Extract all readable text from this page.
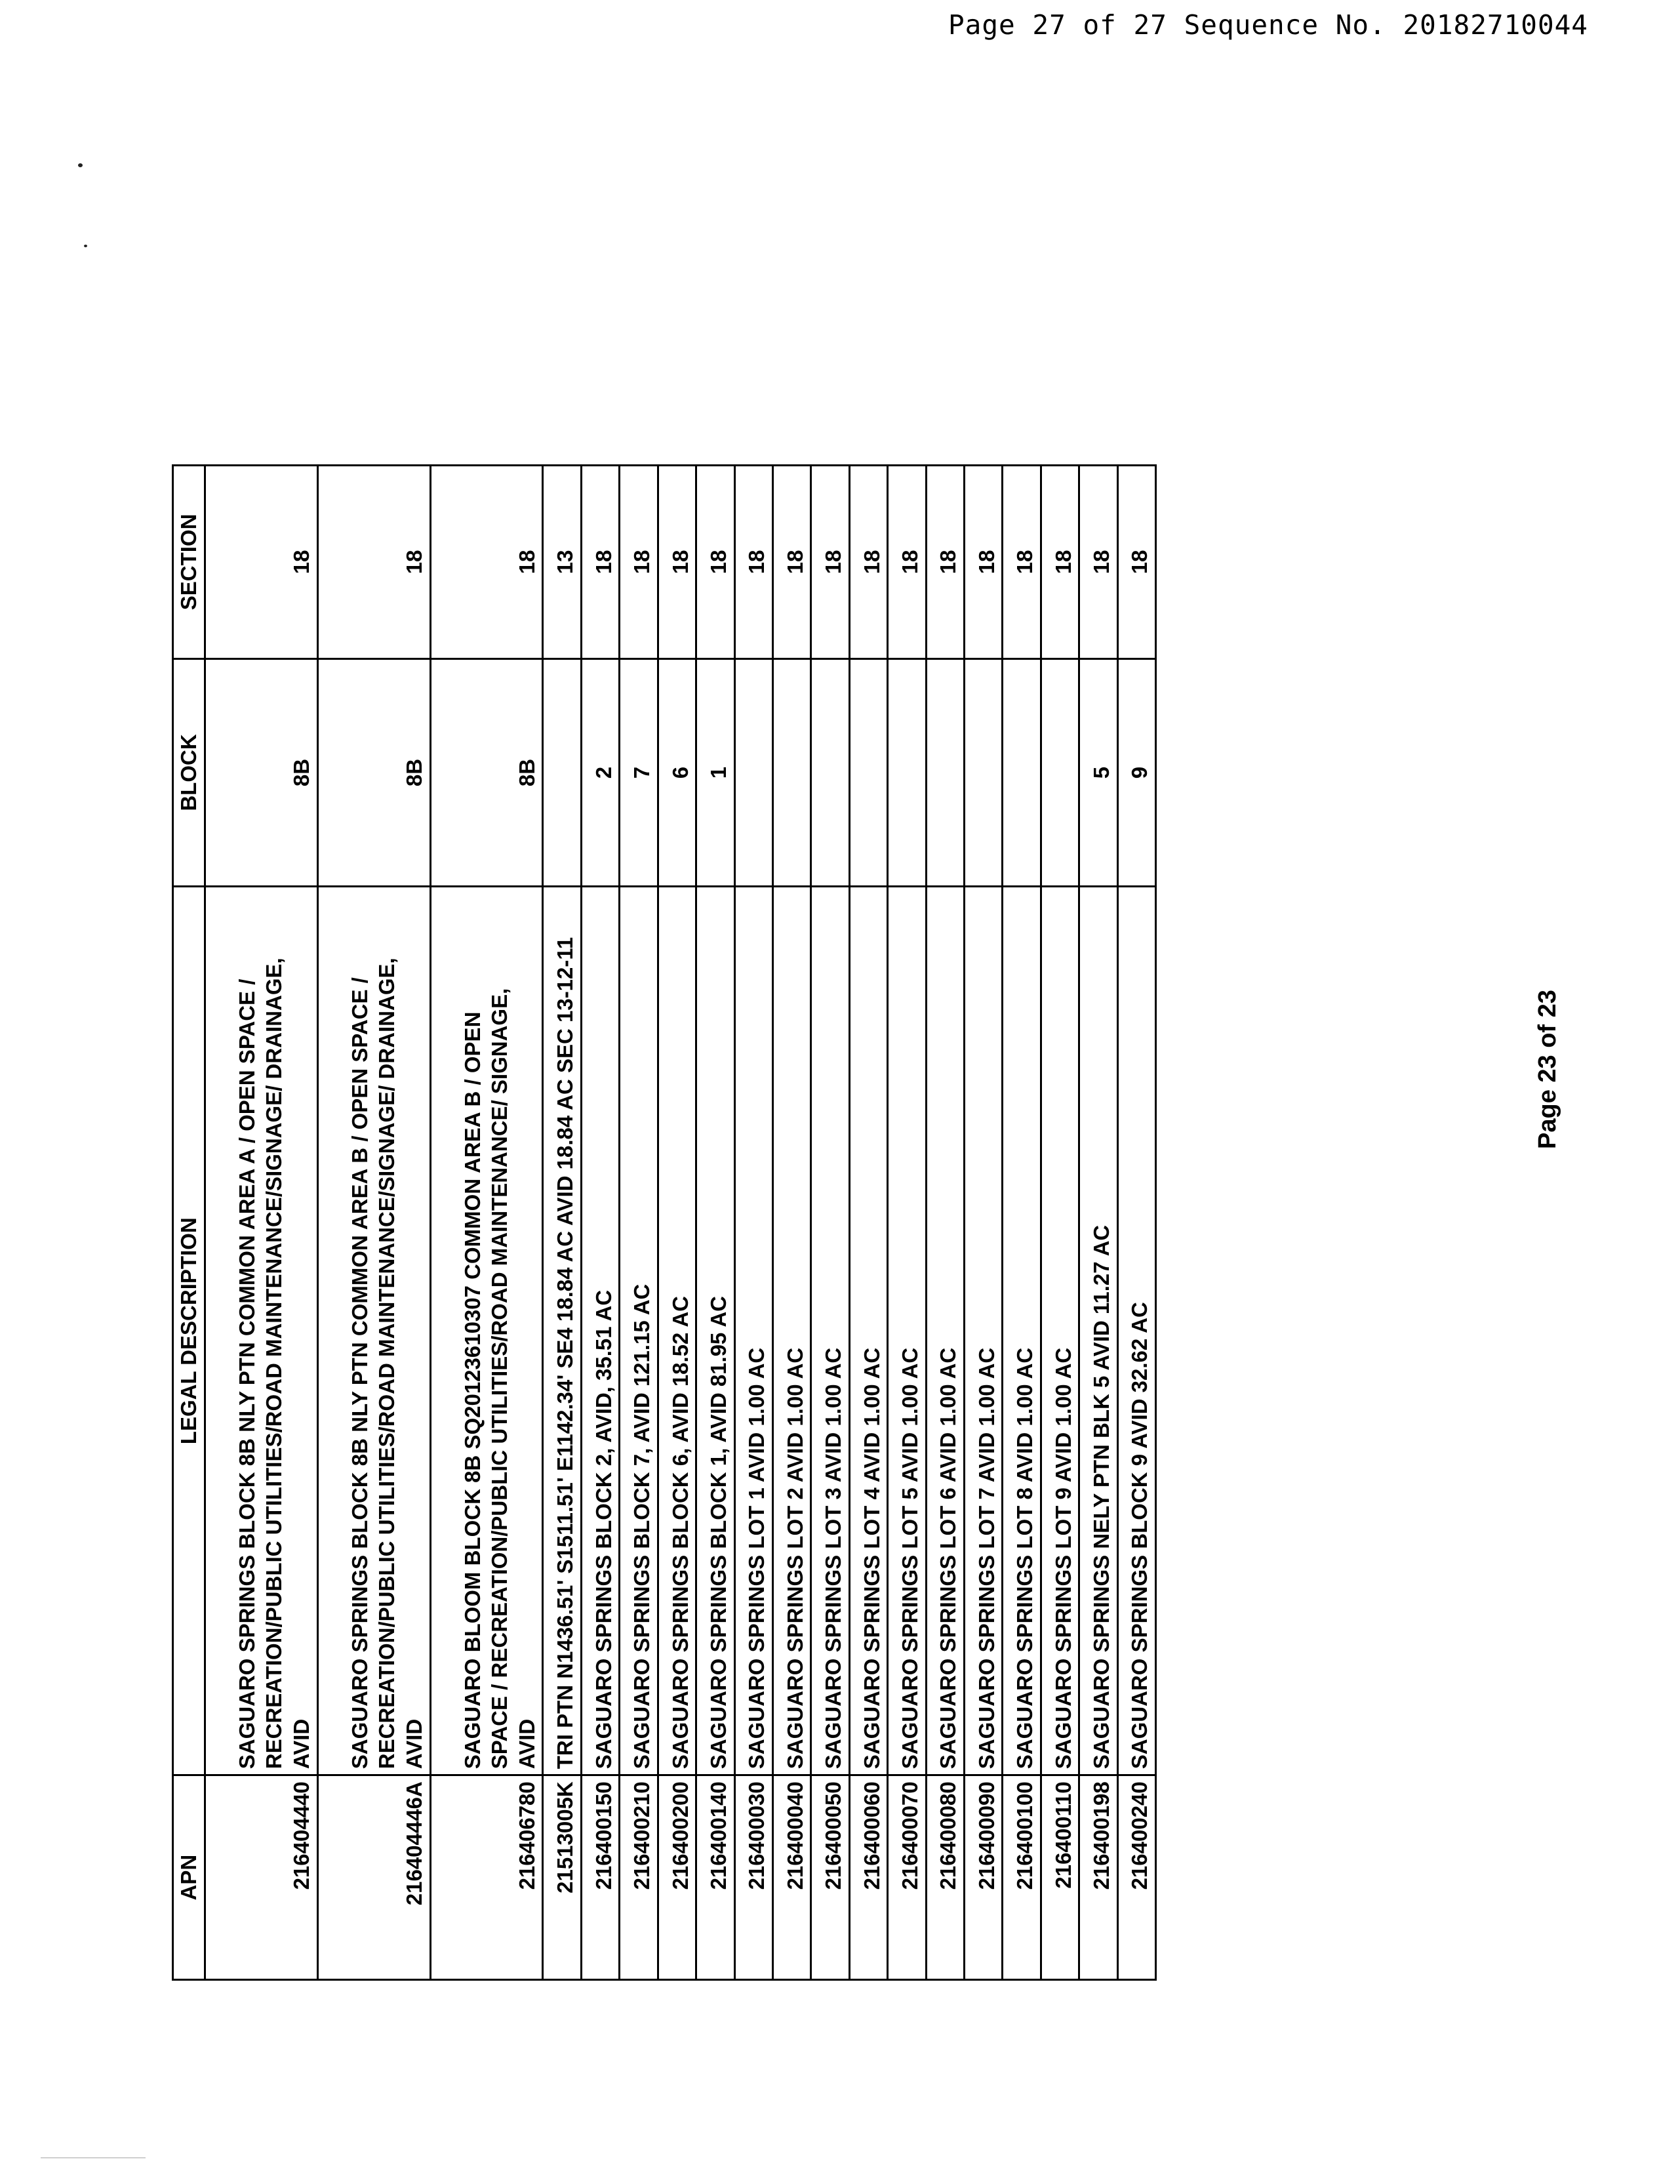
Page 27 of 27 Sequence No. 20182710044
APN	LEGAL DESCRIPTION	BLOCK	SECTION
216404440	SAGUARO SPRINGS BLOCK 8B NLY PTN COMMON AREA A / OPEN SPACE / RECREATION/PUBLIC UTILITIES/ROAD MAINTENANCE/SIGNAGE/ DRAINAGE, AVID	8B	18
216404446A	SAGUARO SPRINGS BLOCK 8B NLY PTN COMMON AREA B / OPEN SPACE / RECREATION/PUBLIC UTILITIES/ROAD MAINTENANCE/SIGNAGE/ DRAINAGE, AVID	8B	18
216406780	SAGUARO BLOOM BLOCK 8B SQ20123610307 COMMON AREA B / OPEN SPACE / RECREATION/PUBLIC UTILITIES/ROAD MAINTENANCE/ SIGNAGE, AVID	8B	18
21513005K	TRI PTN N1436.51' S1511.51' E1142.34' SE4 18.84 AC AVID 18.84 AC SEC 13-12-11		13
216400150	SAGUARO SPRINGS BLOCK 2, AVID, 35.51 AC	2	18
216400210	SAGUARO SPRINGS BLOCK 7, AVID 121.15 AC	7	18
216400200	SAGUARO SPRINGS BLOCK 6, AVID 18.52 AC	6	18
216400140	SAGUARO SPRINGS BLOCK 1, AVID 81.95 AC	1	18
216400030	SAGUARO SPRINGS LOT 1 AVID 1.00 AC		18
216400040	SAGUARO SPRINGS LOT 2 AVID 1.00 AC		18
216400050	SAGUARO SPRINGS LOT 3 AVID 1.00 AC		18
216400060	SAGUARO SPRINGS LOT 4 AVID 1.00 AC		18
216400070	SAGUARO SPRINGS LOT 5 AVID 1.00 AC		18
216400080	SAGUARO SPRINGS LOT 6 AVID 1.00 AC		18
216400090	SAGUARO SPRINGS LOT 7 AVID 1.00 AC		18
216400100	SAGUARO SPRINGS LOT 8 AVID 1.00 AC		18
216400110	SAGUARO SPRINGS LOT 9 AVID 1.00 AC		18
216400198	SAGUARO SPRINGS NELY PTN BLK 5 AVID 11.27 AC	5	18
216400240	SAGUARO SPRINGS BLOCK 9 AVID 32.62 AC	9	18
Page 23 of 23
